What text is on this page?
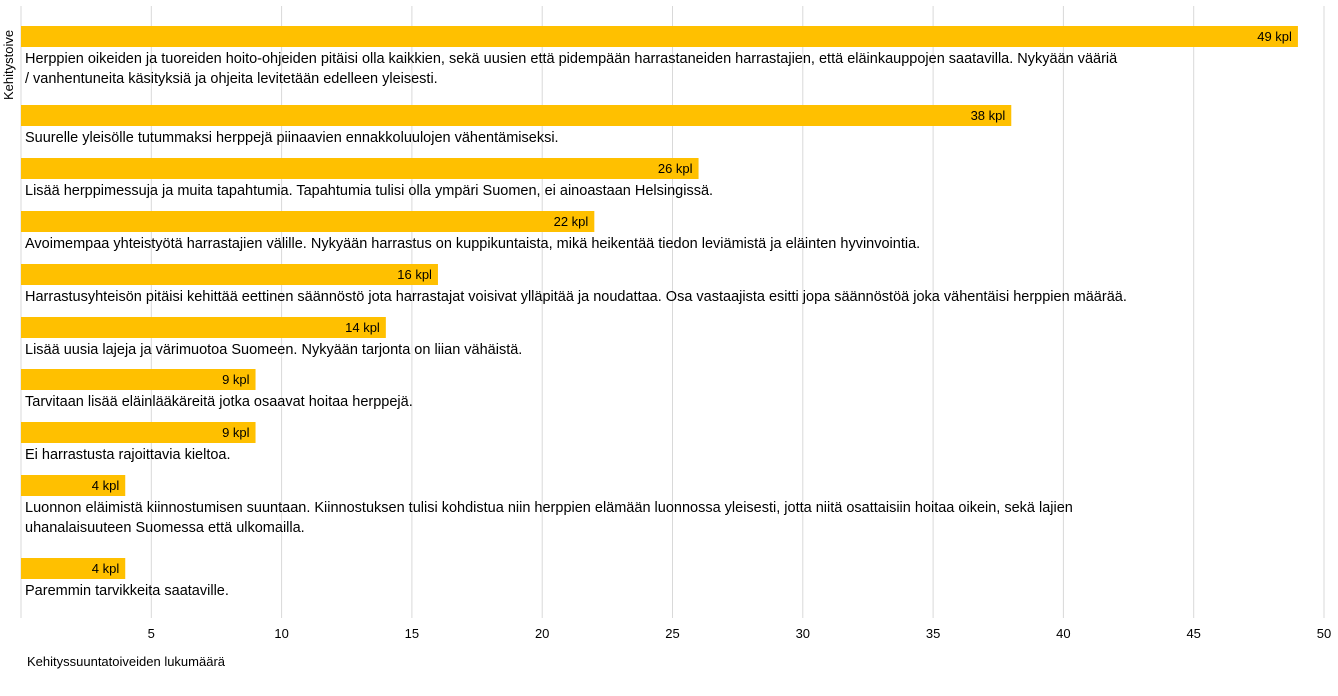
49 kpl
Herppien oikeiden ja tuoreiden hoito-ohjeiden pitäisi olla kaikkien, sekä uusien että pidempään harrastaneiden harrastajien, että eläinkauppojen saatavilla. Nykyään vääriä
/ vanhentuneita käsityksiä ja ohjeita levitetään edelleen yleisesti.
38 kpl
Suurelle yleisölle tutummaksi herppejä piinaavien ennakkoluulojen vähentämiseksi.
26 kpl
Lisää herppimessuja ja muita tapahtumia. Tapahtumia tulisi olla ympäri Suomen, ei ainoastaan Helsingissä.
22 kpl
Avoimempaa yhteistyötä harrastajien välille. Nykyään harrastus on kuppikuntaista, mikä heikentää tiedon leviämistä ja eläinten hyvinvointia.
16 kpl
Harrastusyhteisön pitäisi kehittää eettinen säännöstö jota harrastajat voisivat ylläpitää ja noudattaa. Osa vastaajista esitti jopa säännöstöä joka vähentäisi herppien määrää.
14 kpl
Lisää uusia lajeja ja värimuotoa Suomeen. Nykyään tarjonta on liian vähäistä.
9 kpl
Tarvitaan lisää eläinlääkäreitä jotka osaavat hoitaa herppejä.
9 kpl
Ei harrastusta rajoittavia kieltoa.
4 kpl
Luonnon eläimistä kiinnostumisen suuntaan. Kiinnostuksen tulisi kohdistua niin herppien elämään luonnossa yleisesti, jotta niitä osattaisiin hoitaa oikein, sekä lajien
uhanalaisuuteen Suomessa että ulkomailla.
4 kpl
Paremmin tarvikkeita saataville.
5	10	15	20	25	30	35	40	45	50
Kehityssuuntatoiveiden lukumäärä
Kehitystoive
